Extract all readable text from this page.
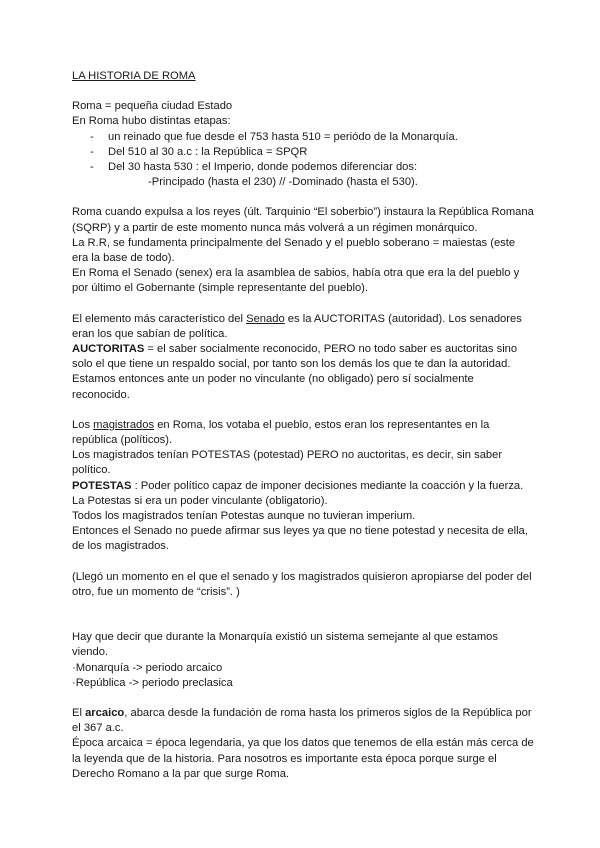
LA HISTORIA DE ROMA

Roma = pequeña ciudad Estado

En Roma hubo distintas etapas:

- un reinado que fue desde el 753 hasta 510 = periódo de la Monarquía.
- Del 510 al 30 a.c : la República = SPQR
- Del 30 hasta 530 : el Imperio, donde podemos diferenciar dos:
-Principado (hasta el 230) // -Dominado (hasta el 530).

Roma cuando expulsa a los reyes (últ. Tarquinio “El soberbio”) instaura la República Romana (SQRP) y a partir de este momento nunca más volverá a un régimen monárquico.

La R.R, se fundamenta principalmente del Senado y el pueblo soberano = maiestas (este era la base de todo).

En Roma el Senado (senex) era la asamblea de sabios, había otra que era la del pueblo y por último el Gobernante (simple representante del pueblo).

El elemento más característico del Senado es la AUCTORITAS (autoridad). Los senadores eran los que sabían de política.

AUCTORITAS = el saber socialmente reconocido, PERO no todo saber es auctoritas sino solo el que tiene un respaldo social, por tanto son los demás los que te dan la autoridad.

Estamos entonces ante un poder no vinculante (no obligado) pero sí socialmente reconocido.

Los magistrados en Roma, los votaba el pueblo, estos eran los representantes en la república (políticos).

Los magistrados tenían POTESTAS (potestad) PERO no auctoritas, es decir, sin saber político.

POTESTAS : Poder político capaz de imponer decisiones mediante la coacción y la fuerza.

La Potestas si era un poder vinculante (obligatorio).

Todos los magistrados tenían Potestas aunque no tuvieran imperium.

Entonces el Senado no puede afirmar sus leyes ya que no tiene potestad y necesita de ella, de los magistrados.

(Llegó un momento en el que el senado y los magistrados quisieron apropiarse del poder del otro, fue un momento de “crisis”. )

Hay que decir que durante la Monarquía existió un sistema semejante al que estamos viendo.

·Monarquía -> periodo arcaico

·República -> periodo preclasica

El arcaico, abarca desde la fundación de roma hasta los primeros siglos de la República por el 367 a.c.

Época arcaica = época legendaria, ya que los datos que tenemos de ella están más cerca de la leyenda que de la historia. Para nosotros es importante esta época porque surge el Derecho Romano a la par que surge Roma.
